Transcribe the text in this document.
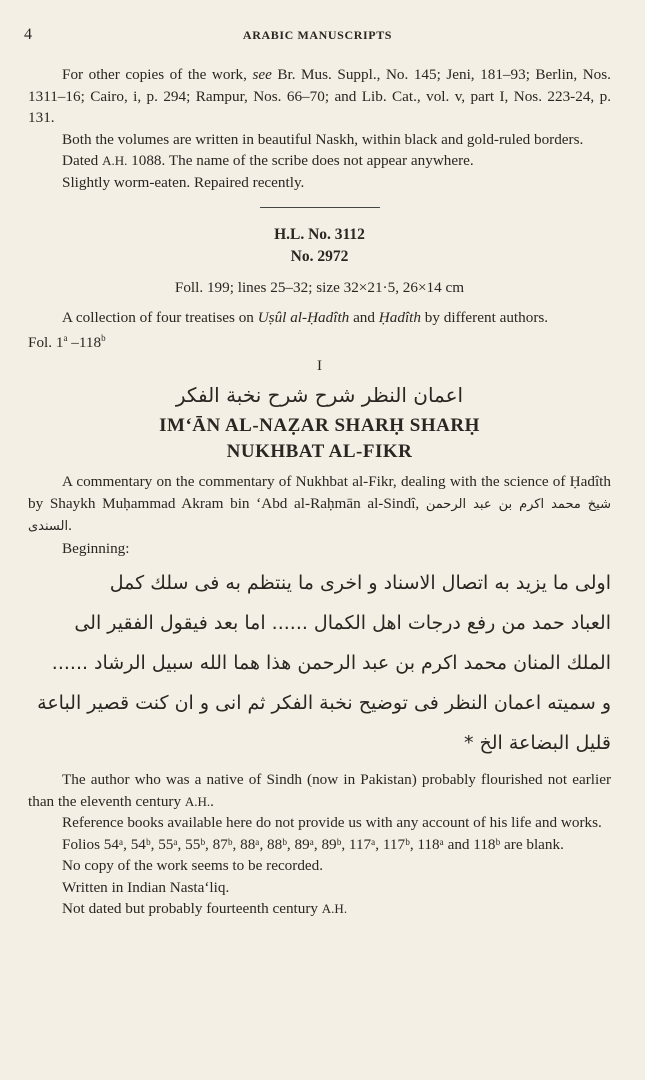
4	ARABIC MANUSCRIPTS

For other copies of the work, see Br. Mus. Suppl., No. 145; Jeni, 181–93; Berlin, Nos. 1311–16; Cairo, i, p. 294; Rampur, Nos. 66–70; and Lib. Cat., vol. v, part I, Nos. 223-24, p. 131.

Both the volumes are written in beautiful Naskh, within black and gold-ruled borders.

Dated A.H. 1088. The name of the scribe does not appear anywhere.

Slightly worm-eaten. Repaired recently.

H.L. No. 3112

No. 2972

Foll. 199; lines 25–32; size 32×21·5, 26×14 cm

A collection of four treatises on Uṣûl al-Ḥadîth and Ḥadîth by different authors.

Fol. 1$^a$ –118$^b$

I

اعمان النظر شرح شرح نخبة الفكر

IM‘ĀN AL-NAẒAR SHARḤ SHARḤ

NUKHBAT AL-FIKR

A commentary on the commentary of Nukhbat al-Fikr, dealing with the science of Ḥadîth by Shaykh Muḥammad Akram bin ‘Abd al-Raḥmān al-Sindî, شيخ محمد اكرم بن عبد الرحمن السندى.

Beginning:

اولى ما يزيد به اتصال الاسناد و اخرى ما ينتظم به فى سلك كمل

العباد حمد من رفع درجات اهل الكمال ...... اما بعد فيقول الفقير الى

الملك المنان محمد اكرم بن عبد الرحمن هذا هما الله سبيل الرشاد ......

و سميته اعمان النظر فى توضيح نخبة الفكر ثم انى و ان كنت قصير الباعة

قليل البضاعة الخ *

The author who was a native of Sindh (now in Pakistan) probably flourished not earlier than the eleventh century A.H..

Reference books available here do not provide us with any account of his life and works.

Folios 54ᵃ, 54ᵇ, 55ᵃ, 55ᵇ, 87ᵇ, 88ᵃ, 88ᵇ, 89ᵃ, 89ᵇ, 117ᵃ, 117ᵇ, 118ᵃ and 118ᵇ are blank.

No copy of the work seems to be recorded.

Written in Indian Nasta‘liq.

Not dated but probably fourteenth century A.H.
